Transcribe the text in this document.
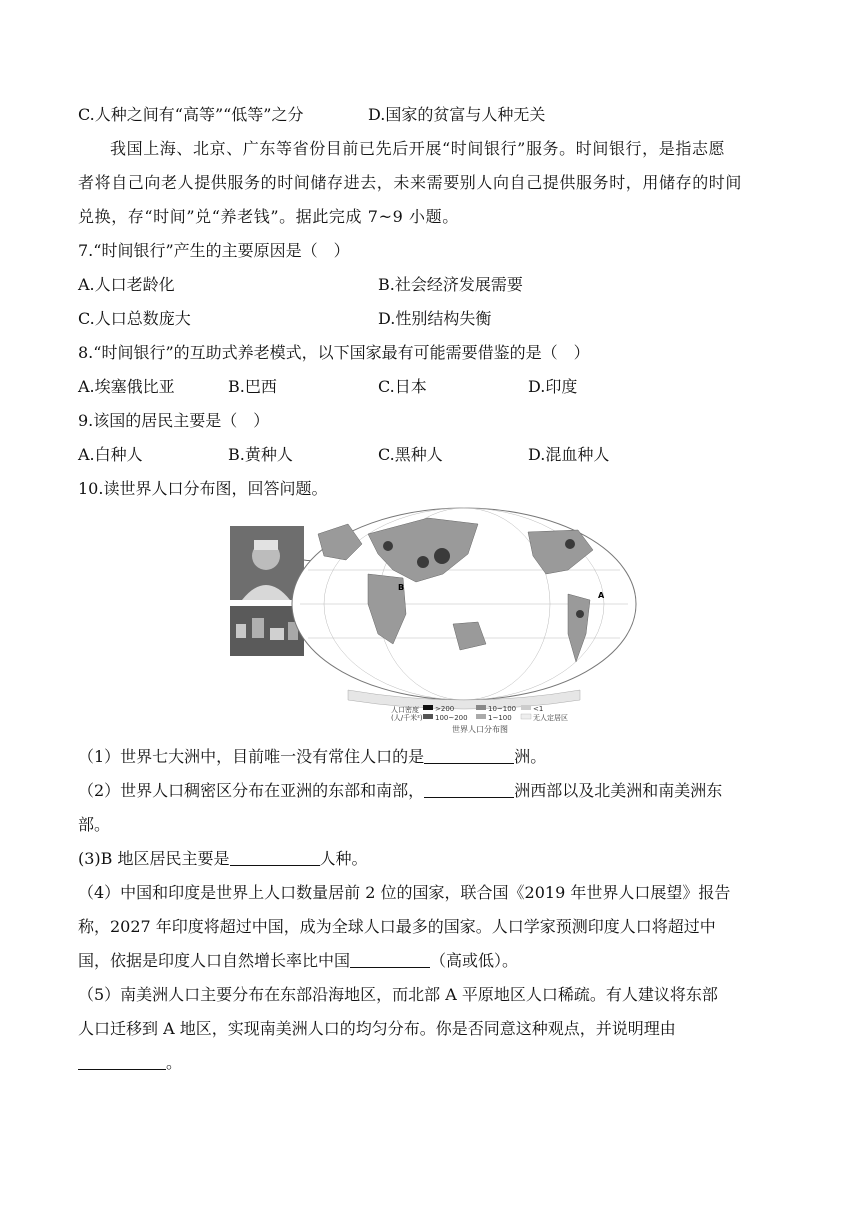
C.人种之间有“高等”“低等”之分	D.国家的贫富与人种无关
我国上海、北京、广东等省份目前已先后开展“时间银行”服务。时间银行，是指志愿
者将自己向老人提供服务的时间储存进去，未来需要别人向自己提供服务时，用储存的时间
兑换，存“时间”兑“养老钱”。据此完成 7~9 小题。
7.“时间银行”产生的主要原因是（　）
A.人口老龄化	B.社会经济发展需要
C.人口总数庞大	D.性别结构失衡
8.“时间银行”的互助式养老模式，以下国家最有可能需要借鉴的是（　）
A.埃塞俄比亚	B.巴西	C.日本	D.印度
9.该国的居民主要是（　）
A.白种人	B.黄种人	C.黑种人	D.混血种人
10.读世界人口分布图，回答问题。
人口密度
(人/千米²)
>200
100~200
10~100
1~100
<1
无人定居区
世界人口分布图
B
A
（1）世界七大洲中，目前唯一没有常住人口的是	洲。
（2）世界人口稠密区分布在亚洲的东部和南部，	洲西部以及北美洲和南美洲东
部。
(3)B 地区居民主要是	人种。
（4）中国和印度是世界上人口数量居前 2 位的国家，联合国《2019 年世界人口展望》报告
称，2027 年印度将超过中国，成为全球人口最多的国家。人口学家预测印度人口将超过中
国，依据是印度人口自然增长率比中国	（高或低）。
（5）南美洲人口主要分布在东部沿海地区，而北部 A 平原地区人口稀疏。有人建议将东部
人口迁移到 A 地区，实现南美洲人口的均匀分布。你是否同意这种观点，并说明理由
。
